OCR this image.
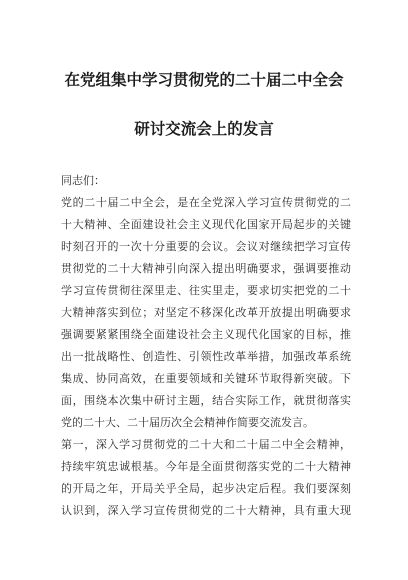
在党组集中学习贯彻党的二十届二中全会
研讨交流会上的发言
同志们：
党的二十届二中全会，是在全党深入学习宣传贯彻党的二
十大精神、全面建设社会主义现代化国家开局起步的关键
时刻召开的一次十分重要的会议。会议对继续把学习宣传
贯彻党的二十大精神引向深入提出明确要求，强调要推动
学习宣传贯彻往深里走、往实里走，要求切实把党的二十
大精神落实到位；对坚定不移深化改革开放提出明确要求
强调要紧紧围绕全面建设社会主义现代化国家的目标，推
出一批战略性、创造性、引领性改革举措，加强改革系统
集成、协同高效，在重要领域和关键环节取得新突破。下
面，围绕本次集中研讨主题，结合实际工作，就贯彻落实
党的二十大、二十届历次全会精神作简要交流发言。
第一，深入学习贯彻党的二十大和二十届二中全会精神，
持续牢筑忠诚根基。今年是全面贯彻落实党的二十大精神
的开局之年，开局关乎全局，起步决定后程。我们要深刻
认识到，深入学习宣传贯彻党的二十大精神，具有重大现
